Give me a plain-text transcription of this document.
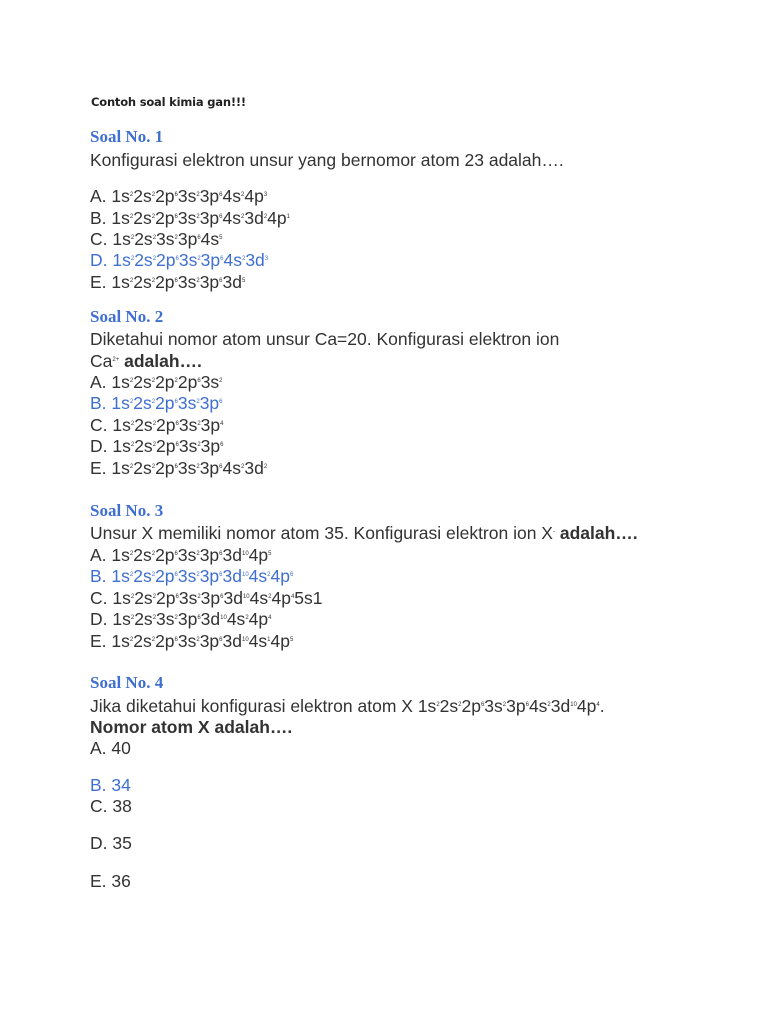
Contoh soal kimia gan!!!
Soal No. 1
Konfigurasi elektron unsur yang bernomor atom 23 adalah….
A. $1s^22s^22p^63s^23p^64s^24p^3$
B. $1s^22s^22p^63s^23p^64s^23d^24p^1$
C. $1s^22s^23s^23p^64s^5$
D. $1s^22s^22p^63s^23p^64s^23d^3$
E. $1s^22s^22p^63s^23p^63d^5$
Soal No. 2
Diketahui nomor atom unsur Ca=20. Konfigurasi elektron ion
$Ca^{2+}$ adalah….
A. $1s^22s^22p^22p^63s^2$
B. $1s^22s^22p^63s^23p^6$
C. $1s^22s^22p^63s^23p^4$
D. $1s^22s^22p^63s^23p^6$
E. $1s^22s^22p^63s^23p^64s^23d^2$
Soal No. 3
Unsur X memiliki nomor atom 35. Konfigurasi elektron ion X- adalah….
A. $1s^22s^22p^63s^23p^63d^{10}4p^5$
B. $1s^22s^22p^63s^23p^63d^{10}4s^24p^6$
C. $1s^22s^22p^63s^23p^63d^{10}4s^24p^45s1$
D. $1s^22s^23s^23p^63d^{10}4s^24p^4$
E. $1s^22s^22p^63s^23p^63d^{10}4s^14p^5$
Soal No. 4
Jika diketahui konfigurasi elektron atom X $1s^22s^22p^63s^23p^64s^23d^{10}4p^4$.
Nomor atom X adalah….
A. 40
B. 34
C. 38
D. 35
E. 36
